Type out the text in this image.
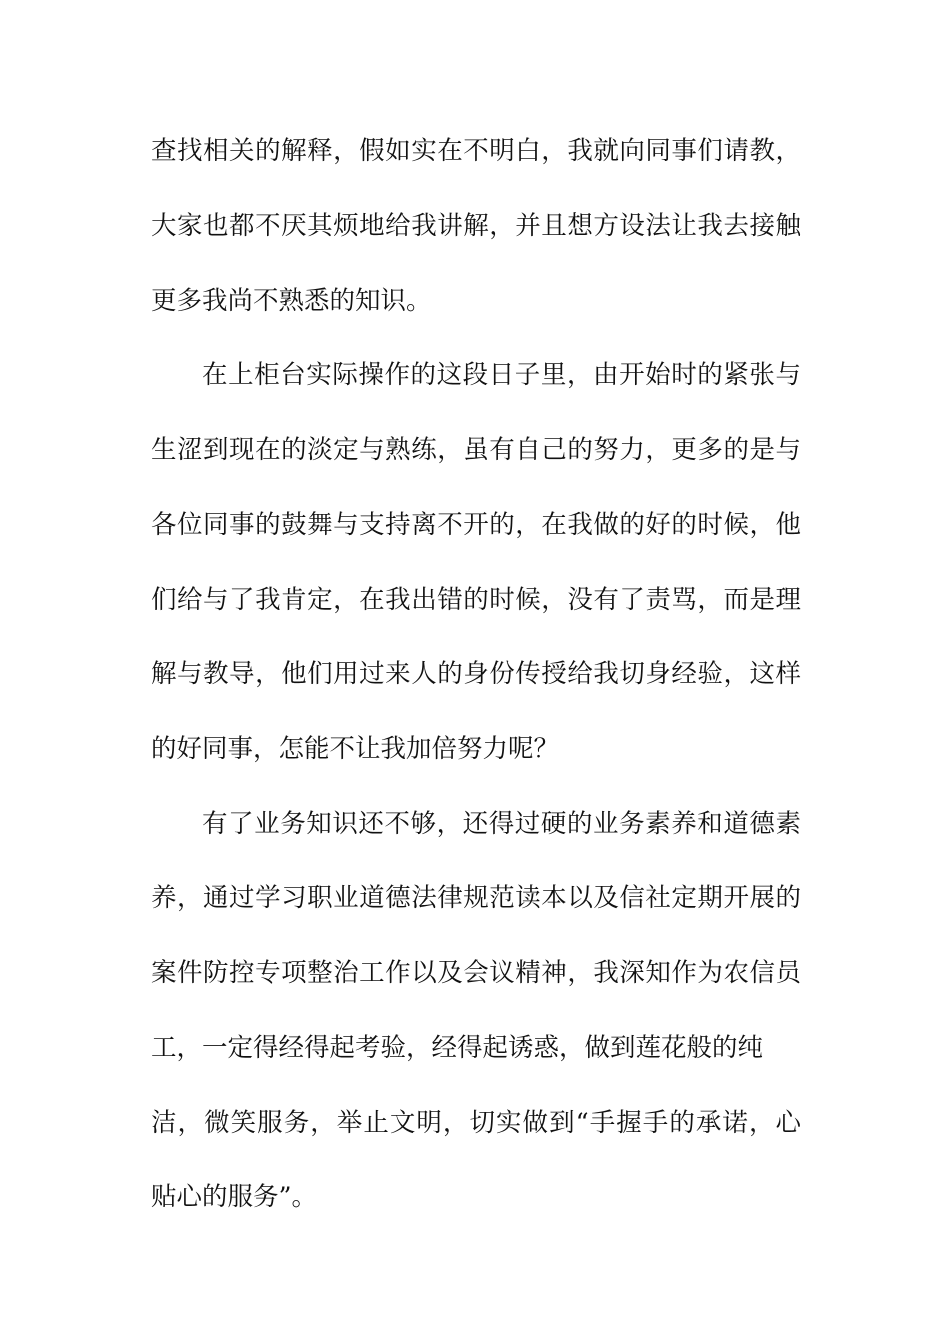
查找相关的解释，假如实在不明白，我就向同事们请教，
大家也都不厌其烦地给我讲解，并且想方设法让我去接触
更多我尚不熟悉的知识。
在上柜台实际操作的这段日子里，由开始时的紧张与
生涩到现在的淡定与熟练，虽有自己的努力，更多的是与
各位同事的鼓舞与支持离不开的，在我做的好的时候，他
们给与了我肯定，在我出错的时候，没有了责骂，而是理
解与教导，他们用过来人的身份传授给我切身经验，这样
的好同事，怎能不让我加倍努力呢？
有了业务知识还不够，还得过硬的业务素养和道德素
养，通过学习职业道德法律规范读本以及信社定期开展的
案件防控专项整治工作以及会议精神，我深知作为农信员
工，一定得经得起考验，经得起诱惑，做到莲花般的纯
洁，微笑服务，举止文明，切实做到“手握手的承诺，心
贴心的服务”。
